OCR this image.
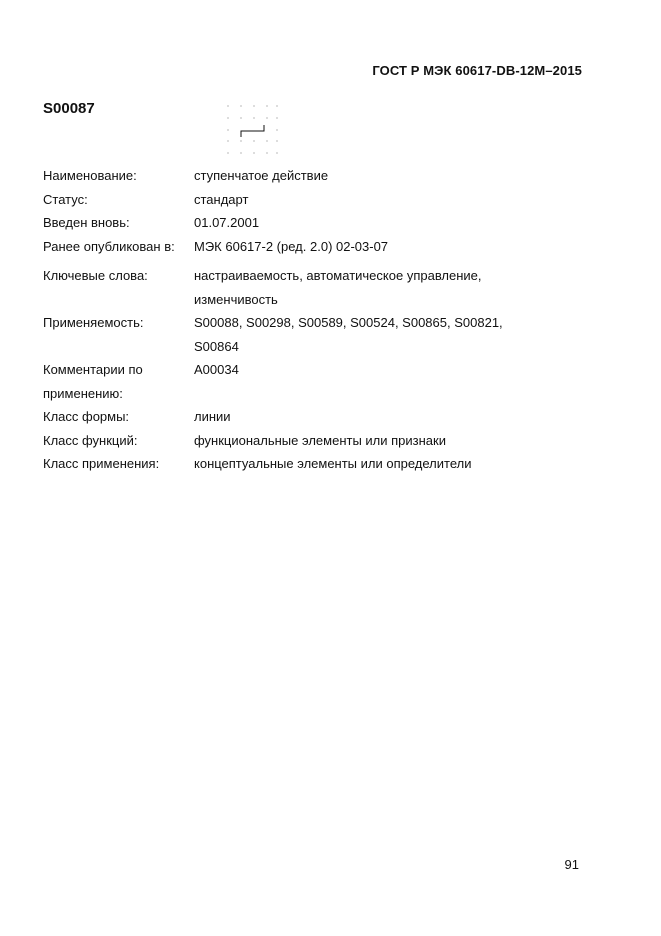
ГОСТ Р МЭК 60617-DB-12M–2015
S00087
Наименование:	ступенчатое действие
Статус:	стандарт
Введен вновь:	01.07.2001
Ранее опубликован в:	МЭК 60617-2 (ред. 2.0) 02-03-07
Ключевые слова:	настраиваемость, автоматическое управление,
изменчивость
Применяемость:	S00088, S00298, S00589, S00524, S00865, S00821,
S00864
Комментарии по
применению:
A00034
Класс формы:	линии
Класс функций:	функциональные элементы или признаки
Класс применения:	концептуальные элементы или определители
91
